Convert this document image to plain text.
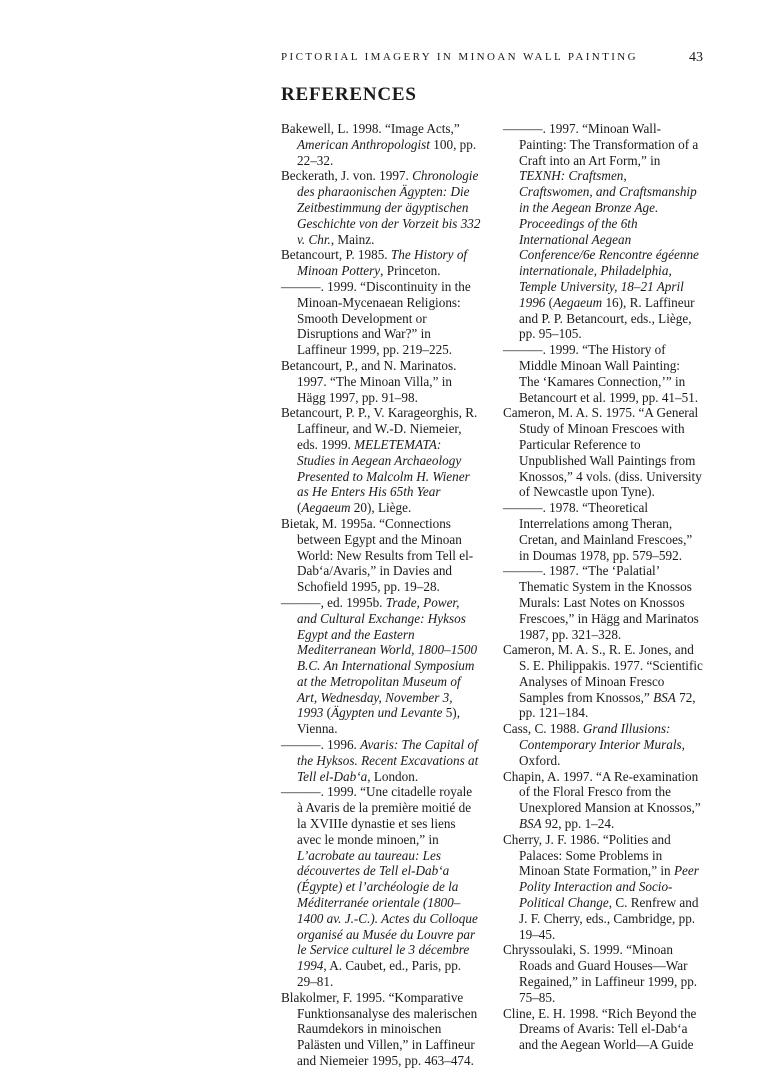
PICTORIAL IMAGERY IN MINOAN WALL PAINTING	43
REFERENCES
Bakewell, L. 1998. “Image Acts,” American Anthropologist 100, pp. 22–32.
Beckerath, J. von. 1997. Chronologie des pharaonischen Ägypten: Die Zeitbestimmung der ägyptischen Geschichte von der Vorzeit bis 332 v. Chr., Mainz.
Betancourt, P. 1985. The History of Minoan Pottery, Princeton.
———. 1999. “Discontinuity in the Minoan-Mycenaean Religions: Smooth Development or Disruptions and War?” in Laffineur 1999, pp. 219–225.
Betancourt, P., and N. Marinatos. 1997. “The Minoan Villa,” in Hägg 1997, pp. 91–98.
Betancourt, P. P., V. Karageorghis, R. Laffineur, and W.-D. Niemeier, eds. 1999. MELETEMATA: Studies in Aegean Archaeology Presented to Malcolm H. Wiener as He Enters His 65th Year (Aegaeum 20), Liège.
Bietak, M. 1995a. “Connections between Egypt and the Minoan World: New Results from Tell el-Dab‘a/Avaris,” in Davies and Schofield 1995, pp. 19–28.
———, ed. 1995b. Trade, Power, and Cultural Exchange: Hyksos Egypt and the Eastern Mediterranean World, 1800–1500 B.C. An International Symposium at the Metropolitan Museum of Art, Wednesday, November 3, 1993 (Ägypten und Levante 5), Vienna.
———. 1996. Avaris: The Capital of the Hyksos. Recent Excavations at Tell el-Dab‘a, London.
———. 1999. “Une citadelle royale à Avaris de la première moitié de la XVIIIe dynastie et ses liens avec le monde minoen,” in L’acrobate au taureau: Les découvertes de Tell el-Dab‘a (Égypte) et l’archéologie de la Méditerranée orientale (1800–1400 av. J.-C.). Actes du Colloque organisé au Musée du Louvre par le Service culturel le 3 décembre 1994, A. Caubet, ed., Paris, pp. 29–81.
Blakolmer, F. 1995. “Komparative Funktionsanalyse des malerischen Raumdekors in minoischen Palästen und Villen,” in Laffineur and Niemeier 1995, pp. 463–474.
———. 1997. “Minoan Wall-Painting: The Transformation of a Craft into an Art Form,” in TEXNH: Craftsmen, Craftswomen, and Craftsmanship in the Aegean Bronze Age. Proceedings of the 6th International Aegean Conference/6e Rencontre égéenne internationale, Philadelphia, Temple University, 18–21 April 1996 (Aegaeum 16), R. Laffineur and P. P. Betancourt, eds., Liège, pp. 95–105.
———. 1999. “The History of Middle Minoan Wall Painting: The ‘Kamares Connection,’” in Betancourt et al. 1999, pp. 41–51.
Cameron, M. A. S. 1975. “A General Study of Minoan Frescoes with Particular Reference to Unpublished Wall Paintings from Knossos,” 4 vols. (diss. University of Newcastle upon Tyne).
———. 1978. “Theoretical Interrelations among Theran, Cretan, and Mainland Frescoes,” in Doumas 1978, pp. 579–592.
———. 1987. “The ‘Palatial’ Thematic System in the Knossos Murals: Last Notes on Knossos Frescoes,” in Hägg and Marinatos 1987, pp. 321–328.
Cameron, M. A. S., R. E. Jones, and S. E. Philippakis. 1977. “Scientific Analyses of Minoan Fresco Samples from Knossos,” BSA 72, pp. 121–184.
Cass, C. 1988. Grand Illusions: Contemporary Interior Murals, Oxford.
Chapin, A. 1997. “A Re-examination of the Floral Fresco from the Unexplored Mansion at Knossos,” BSA 92, pp. 1–24.
Cherry, J. F. 1986. “Polities and Palaces: Some Problems in Minoan State Formation,” in Peer Polity Interaction and Socio-Political Change, C. Renfrew and J. F. Cherry, eds., Cambridge, pp. 19–45.
Chryssoulaki, S. 1999. “Minoan Roads and Guard Houses—War Regained,” in Laffineur 1999, pp. 75–85.
Cline, E. H. 1998. “Rich Beyond the Dreams of Avaris: Tell el-Dab‘a and the Aegean World—A Guide
